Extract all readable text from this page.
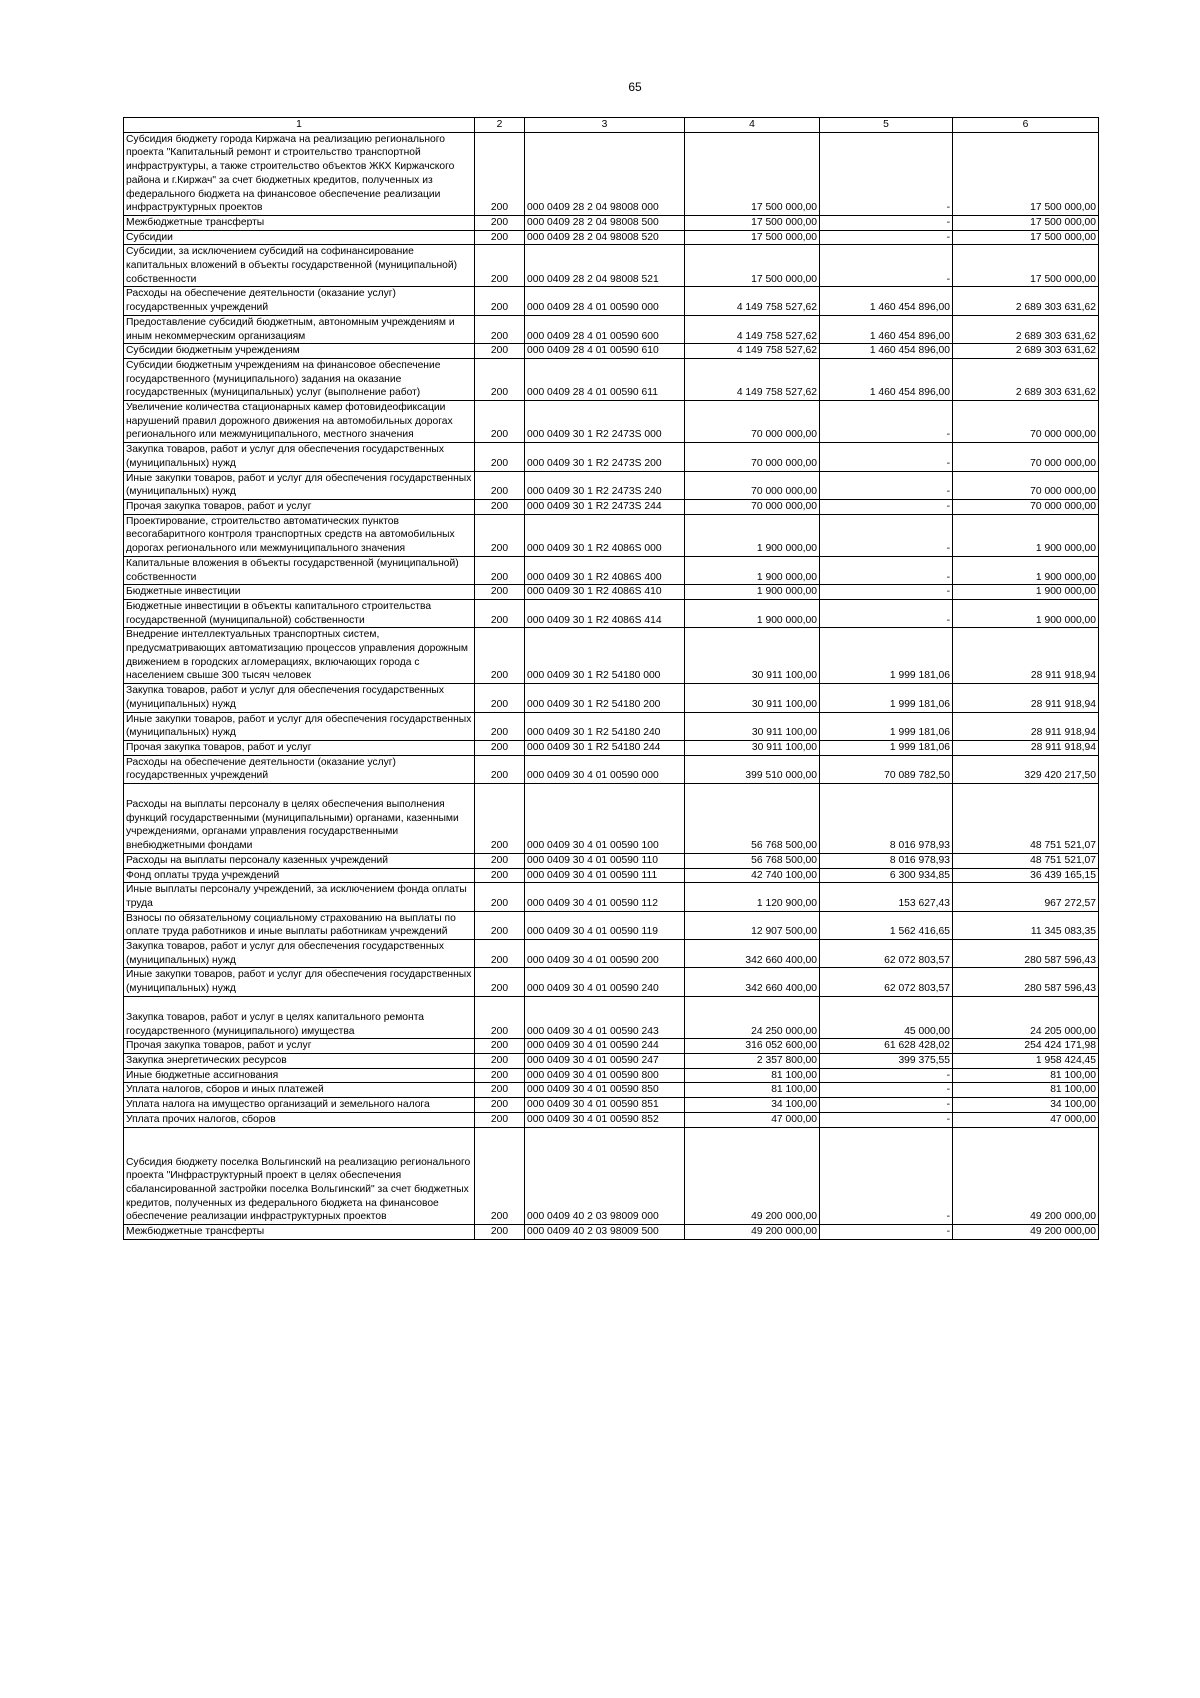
65
1	2	3	4	5	6
Субсидия бюджету города Киржача на реализацию регионального проекта "Капитальный ремонт и строительство транспортной инфраструктуры, а также строительство объектов ЖКХ Киржачского района и г.Киржач" за счет бюджетных кредитов, полученных из федерального бюджета на финансовое обеспечение реализации инфраструктурных проектов	200	000 0409 28 2 04 98008 000	17 500 000,00	-	17 500 000,00
Межбюджетные трансферты	200	000 0409 28 2 04 98008 500	17 500 000,00	-	17 500 000,00
Субсидии	200	000 0409 28 2 04 98008 520	17 500 000,00	-	17 500 000,00
Субсидии, за исключением субсидий на софинансирование капитальных вложений в объекты государственной (муниципальной) собственности	200	000 0409 28 2 04 98008 521	17 500 000,00	-	17 500 000,00
Расходы на обеспечение деятельности (оказание услуг) государственных учреждений	200	000 0409 28 4 01 00590 000	4 149 758 527,62	1 460 454 896,00	2 689 303 631,62
Предоставление субсидий бюджетным, автономным учреждениям и иным некоммерческим организациям	200	000 0409 28 4 01 00590 600	4 149 758 527,62	1 460 454 896,00	2 689 303 631,62
Субсидии бюджетным учреждениям	200	000 0409 28 4 01 00590 610	4 149 758 527,62	1 460 454 896,00	2 689 303 631,62
Субсидии бюджетным учреждениям на финансовое обеспечение государственного (муниципального) задания на оказание государственных (муниципальных) услуг (выполнение работ)	200	000 0409 28 4 01 00590 611	4 149 758 527,62	1 460 454 896,00	2 689 303 631,62
Увеличение количества стационарных камер фотовидеофиксации нарушений правил дорожного движения на автомобильных дорогах регионального или межмуниципального, местного значения	200	000 0409 30 1 R2 2473S 000	70 000 000,00	-	70 000 000,00
Закупка товаров, работ и услуг для обеспечения государственных (муниципальных) нужд	200	000 0409 30 1 R2 2473S 200	70 000 000,00	-	70 000 000,00
Иные закупки товаров, работ и услуг для обеспечения государственных (муниципальных) нужд	200	000 0409 30 1 R2 2473S 240	70 000 000,00	-	70 000 000,00
Прочая закупка товаров, работ и услуг	200	000 0409 30 1 R2 2473S 244	70 000 000,00	-	70 000 000,00
Проектирование, строительство автоматических пунктов весогабаритного контроля транспортных средств на автомобильных дорогах регионального или межмуниципального значения	200	000 0409 30 1 R2 4086S 000	1 900 000,00	-	1 900 000,00
Капитальные вложения в объекты государственной (муниципальной) собственности	200	000 0409 30 1 R2 4086S 400	1 900 000,00	-	1 900 000,00
Бюджетные инвестиции	200	000 0409 30 1 R2 4086S 410	1 900 000,00	-	1 900 000,00
Бюджетные инвестиции в объекты капитального строительства государственной (муниципальной) собственности	200	000 0409 30 1 R2 4086S 414	1 900 000,00	-	1 900 000,00
Внедрение интеллектуальных транспортных систем, предусматривающих автоматизацию процессов управления дорожным движением в городских агломерациях, включающих города с населением свыше 300 тысяч человек	200	000 0409 30 1 R2 54180 000	30 911 100,00	1 999 181,06	28 911 918,94
Закупка товаров, работ и услуг для обеспечения государственных (муниципальных) нужд	200	000 0409 30 1 R2 54180 200	30 911 100,00	1 999 181,06	28 911 918,94
Иные закупки товаров, работ и услуг для обеспечения государственных (муниципальных) нужд	200	000 0409 30 1 R2 54180 240	30 911 100,00	1 999 181,06	28 911 918,94
Прочая закупка товаров, работ и услуг	200	000 0409 30 1 R2 54180 244	30 911 100,00	1 999 181,06	28 911 918,94
Расходы на обеспечение деятельности (оказание услуг) государственных учреждений	200	000 0409 30 4 01 00590 000	399 510 000,00	70 089 782,50	329 420 217,50

Расходы на выплаты персоналу в целях обеспечения выполнения функций государственными (муниципальными) органами, казенными учреждениями, органами управления государственными внебюджетными фондами	200	000 0409 30 4 01 00590 100	56 768 500,00	8 016 978,93	48 751 521,07
Расходы на выплаты персоналу казенных учреждений	200	000 0409 30 4 01 00590 110	56 768 500,00	8 016 978,93	48 751 521,07
Фонд оплаты труда учреждений	200	000 0409 30 4 01 00590 111	42 740 100,00	6 300 934,85	36 439 165,15
Иные выплаты персоналу учреждений, за исключением фонда оплаты труда	200	000 0409 30 4 01 00590 112	1 120 900,00	153 627,43	967 272,57
Взносы по обязательному социальному страхованию на выплаты по оплате труда работников и иные выплаты работникам учреждений	200	000 0409 30 4 01 00590 119	12 907 500,00	1 562 416,65	11 345 083,35
Закупка товаров, работ и услуг для обеспечения государственных (муниципальных) нужд	200	000 0409 30 4 01 00590 200	342 660 400,00	62 072 803,57	280 587 596,43
Иные закупки товаров, работ и услуг для обеспечения государственных (муниципальных) нужд	200	000 0409 30 4 01 00590 240	342 660 400,00	62 072 803,57	280 587 596,43

Закупка товаров, работ и услуг в целях капитального ремонта государственного (муниципального) имущества	200	000 0409 30 4 01 00590 243	24 250 000,00	45 000,00	24 205 000,00
Прочая закупка товаров, работ и услуг	200	000 0409 30 4 01 00590 244	316 052 600,00	61 628 428,02	254 424 171,98
Закупка энергетических ресурсов	200	000 0409 30 4 01 00590 247	2 357 800,00	399 375,55	1 958 424,45
Иные бюджетные ассигнования	200	000 0409 30 4 01 00590 800	81 100,00	-	81 100,00
Уплата налогов, сборов и иных платежей	200	000 0409 30 4 01 00590 850	81 100,00	-	81 100,00
Уплата налога на имущество организаций и земельного налога	200	000 0409 30 4 01 00590 851	34 100,00	-	34 100,00
Уплата прочих налогов, сборов	200	000 0409 30 4 01 00590 852	47 000,00	-	47 000,00

Субсидия бюджету поселка Вольгинский на реализацию регионального проекта "Инфраструктурный проект в целях обеспечения сбалансированной застройки поселка Вольгинский" за счет бюджетных кредитов, полученных из федерального бюджета на финансовое обеспечение реализации инфраструктурных проектов	200	000 0409 40 2 03 98009 000	49 200 000,00	-	49 200 000,00
Межбюджетные трансферты	200	000 0409 40 2 03 98009 500	49 200 000,00	-	49 200 000,00
